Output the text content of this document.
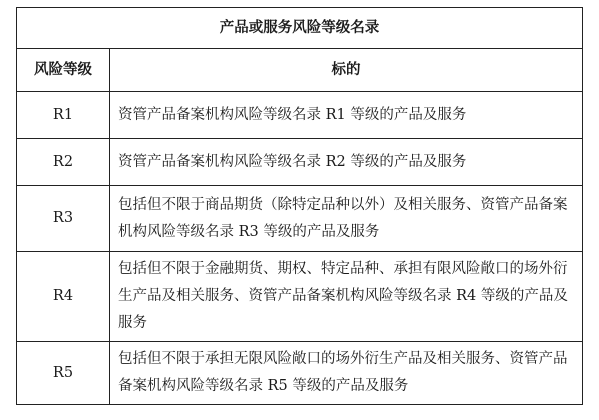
产品或服务风险等级名录	
风险等级	标的
R1	资管产品备案机构风险等级名录 R1 等级的产品及服务
R2	资管产品备案机构风险等级名录 R2 等级的产品及服务
R3	包括但不限于商品期货（除特定品种以外）及相关服务、资管产品备案机构风险等级名录 R3 等级的产品及服务
R4	包括但不限于金融期货、期权、特定品种、承担有限风险敞口的场外衍生产品及相关服务、资管产品备案机构风险等级名录 R4 等级的产品及服务
R5	包括但不限于承担无限风险敞口的场外衍生产品及相关服务、资管产品备案机构风险等级名录 R5 等级的产品及服务
